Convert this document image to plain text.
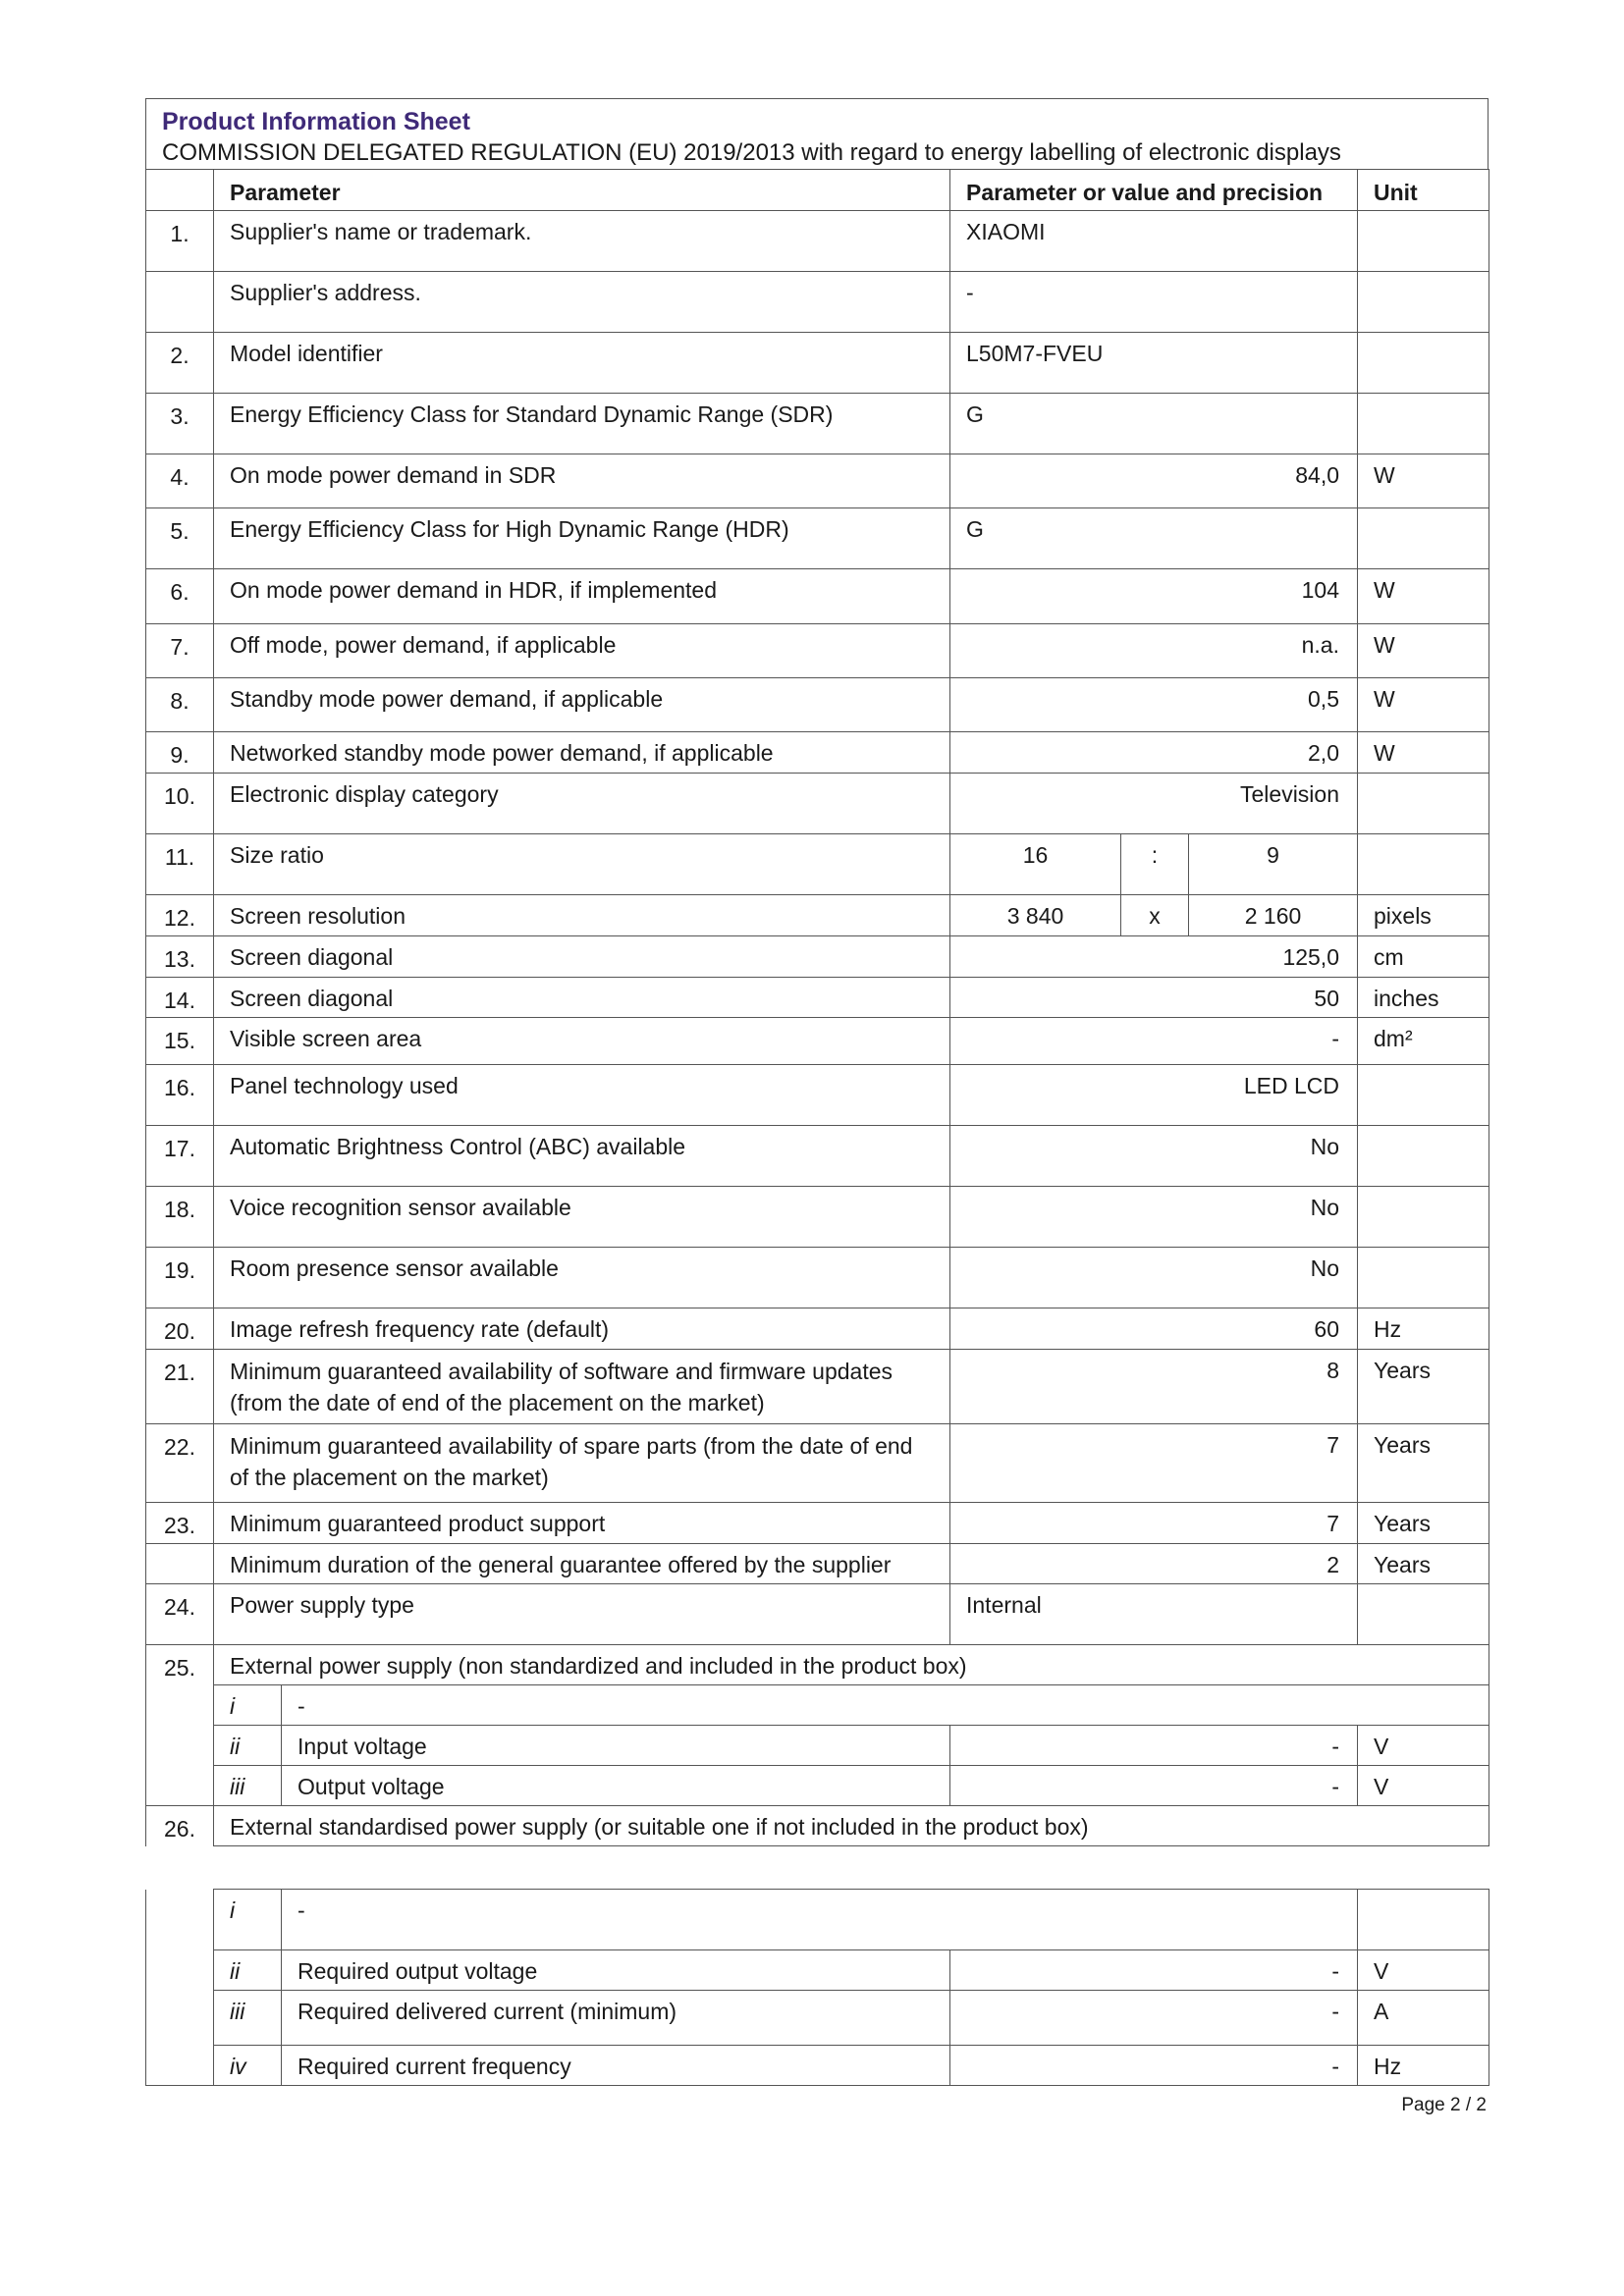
Product Information Sheet
COMMISSION DELEGATED REGULATION (EU) 2019/2013 with regard to energy labelling of electronic displays
	Parameter		Parameter or value and precision			Unit
1.	Supplier's name or trademark.		XIAOMI			
	Supplier's address.		-			
2.	Model identifier		L50M7-FVEU			
3.	Energy Efficiency Class for Standard Dynamic Range (SDR)		G			
4.	On mode power demand in SDR		84,0			W
5.	Energy Efficiency Class for High Dynamic Range (HDR)		G			
6.	On mode power demand in HDR, if implemented		104			W
7.	Off mode, power demand, if applicable		n.a.			W
8.	Standby mode power demand, if applicable		0,5			W
9.	Networked standby mode power demand, if applicable		2,0			W
10.	Electronic display category		Television			
11.	Size ratio		16	:	9	
12.	Screen resolution		3 840	x	2 160	pixels
13.	Screen diagonal		125,0			cm
14.	Screen diagonal		50			inches
15.	Visible screen area		-			dm²
16.	Panel technology used		LED LCD			
17.	Automatic Brightness Control (ABC) available		No			
18.	Voice recognition sensor available		No			
19.	Room presence sensor available		No			
20.	Image refresh frequency rate (default)		60			Hz
21.	Minimum guaranteed availability of software and firmware updates
(from the date of end of the placement on the market)		8			Years
22.	Minimum guaranteed availability of spare parts (from the date of end
of the placement on the market)		7			Years
23.	Minimum guaranteed product support		7			Years
	Minimum duration of the general guarantee offered by the supplier		2			Years
24.	Power supply type		Internal			
25.	External power supply (non standardized and included in the product box)					
	i	-				
	ii	Input voltage	-			V
	iii	Output voltage	-			V
26.	External standardised power supply (or suitable one if not included in the product box)					

	i	-				
	ii	Required output voltage	-			V
	iii	Required delivered current (minimum)	-			A
	iv	Required current frequency	-			Hz
Page 2 / 2
